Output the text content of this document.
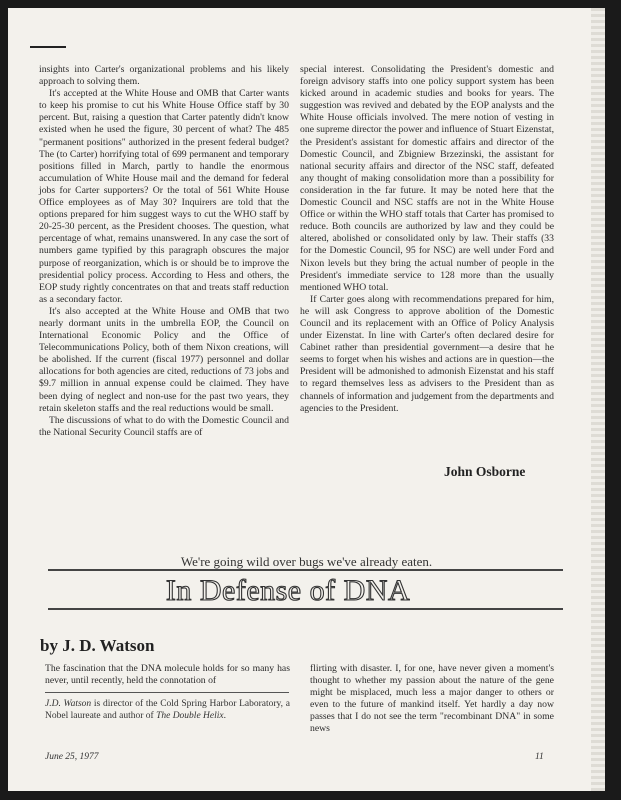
insights into Carter's organizational problems and his likely approach to solving them.

It's accepted at the White House and OMB that Carter wants to keep his promise to cut his White House Office staff by 30 percent. But, raising a question that Carter patently didn't know existed when he used the figure, 30 percent of what? The 485 "permanent positions" authorized in the present federal budget? The (to Carter) horrifying total of 699 permanent and temporary positions filled in March, partly to handle the enormous accumulation of White House mail and the demand for federal jobs for Carter supporters? Or the total of 561 White House Office employees as of May 30? Inquirers are told that the options prepared for him suggest ways to cut the WHO staff by 20-25-30 percent, as the President chooses. The question, what percentage of what, remains unanswered. In any case the sort of numbers game typified by this paragraph obscures the major purpose of reorganization, which is or should be to improve the presidential policy process. According to Hess and others, the EOP study rightly concentrates on that and treats staff reduction as a secondary factor.

It's also accepted at the White House and OMB that two nearly dormant units in the umbrella EOP, the Council on International Economic Policy and the Office of Telecommunications Policy, both of them Nixon creations, will be abolished. If the current (fiscal 1977) personnel and dollar allocations for both agencies are cited, reductions of 73 jobs and $9.7 million in annual expense could be claimed. They have been dying of neglect and non-use for the past two years, they retain skeleton staffs and the real reductions would be small.

The discussions of what to do with the Domestic Council and the National Security Council staffs are of

special interest. Consolidating the President's domestic and foreign advisory staffs into one policy support system has been kicked around in academic studies and books for years. The suggestion was revived and debated by the EOP analysts and the White House officials involved. The mere notion of vesting in one supreme director the power and influence of Stuart Eizenstat, the President's assistant for domestic affairs and director of the Domestic Council, and Zbigniew Brzezinski, the assistant for national security affairs and director of the NSC staff, defeated any thought of making consolidation more than a possibility for consideration in the far future. It may be noted here that the Domestic Council and NSC staffs are not in the White House Office or within the WHO staff totals that Carter has promised to reduce. Both councils are authorized by law and they could be altered, abolished or consolidated only by law. Their staffs (33 for the Domestic Council, 95 for NSC) are well under Ford and Nixon levels but they bring the actual number of people in the President's immediate service to 128 more than the usually mentioned WHO total.

If Carter goes along with recommendations prepared for him, he will ask Congress to approve abolition of the Domestic Council and its replacement with an Office of Policy Analysis under Eizenstat. In line with Carter's often declared desire for Cabinet rather than presidential government—a desire that he seems to forget when his wishes and actions are in question—the President will be admonished to admonish Eizenstat and his staff to regard themselves less as advisers to the President than as channels of information and judgement from the departments and agencies to the President.

John Osborne
We're going wild over bugs we've already eaten.
In Defense of DNA
by J. D. Watson
The fascination that the DNA molecule holds for so many has never, until recently, held the connotation of
flirting with disaster. I, for one, have never given a moment's thought to whether my passion about the nature of the gene might be misplaced, much less a major danger to others or even to the future of mankind itself. Yet hardly a day now passes that I do not see the term "recombinant DNA" in some news
J.D. Watson is director of the Cold Spring Harbor Laboratory, a Nobel laureate and author of The Double Helix.
June 25, 1977	11
